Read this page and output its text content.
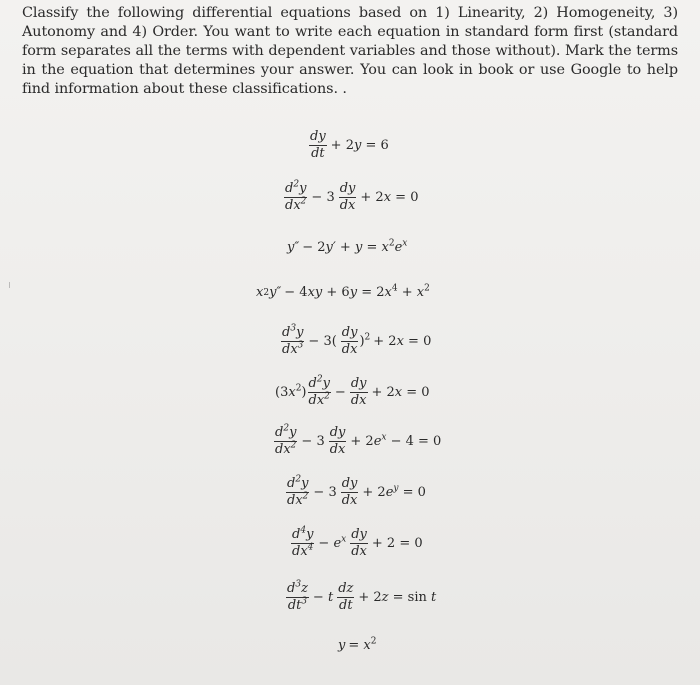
Classify the following differential equations based on 1) Linearity, 2) Homogeneity, 3) Autonomy and 4) Order. You want to write each equation in standard form first (standard form separates all the terms with dependent variables and those without). Mark the terms in the equation that determines your answer. You can look in book or use Google to help find information about these classifications. .
$\frac{dy}{dt} + 2y = 6$
$\frac{d^2y}{dx^2} - 3 \frac{dy}{dx} + 2x = 0$
$y'' - 2y' + y = x^2e^x$
x 2 $y'' - 4xy + 6y = 2x^4 + x^2$
$\frac{d^3y}{dx^3} - 3( \frac{dy}{dx} )^2 + 2x = 0$
$(3x^2) \frac{d^2y}{dx^2} - \frac{dy}{dx} + 2x = 0$
$\frac{d^2y}{dx^2} - 3 \frac{dy}{dx} + 2e^x - 4 = 0$
$\frac{d^2y}{dx^2} - 3 \frac{dy}{dx} + 2e^y = 0$
$\frac{d^4y}{dx^4} - e^x \frac{dy}{dx} + 2 = 0$
$\frac{d^3z}{dt^3} - t \frac{dz}{dt} + 2z = \sin t$
$y = x^2$
